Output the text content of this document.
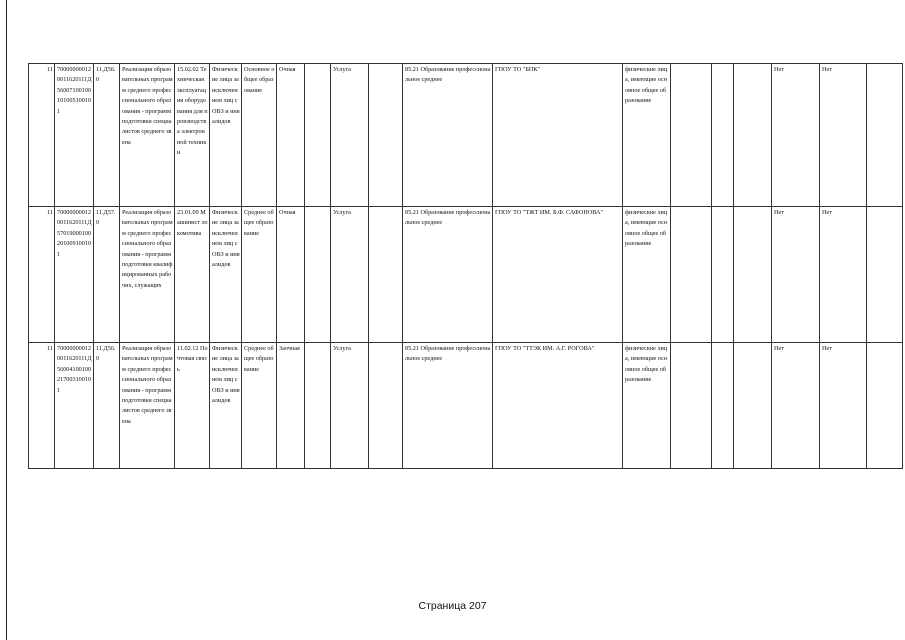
11	700000000120011620111Д56007100100101005100101	11.Д56.0	Реализация образовательных программ среднего профессионального образования - программ подготовки специалистов среднего звена	15.02.02 Техническая эксплуатация оборудования для производства электронной техники	Физические лица за исключением лиц с ОВЗ и инвалидов	Основное общее образование	Очная		Услуга		85.21 Образование профессиональное среднее	ГПОУ ТО "БПК"	физические лица, имеющие основное общее образование				Нет	Нет	
11	700000000120011620111Д57019000100201009100101	11.Д57.0	Реализация образовательных программ среднего профессионального образования - программ подготовки квалифицированных рабочих, служащих	23.01.09 Машинист локомотива	Физические лица за исключением лиц с ОВЗ и инвалидов	Среднее общее образование	Очная		Услуга		85.21 Образование профессиональное среднее	ГПОУ ТО "ТЖТ ИМ. Б.Ф. САФОНОВА"	физические лица, имеющие основное общее образование				Нет	Нет	
11	700000000120011620111Д56004100100217003100101	11.Д56.0	Реализация образовательных программ среднего профессионального образования - программ подготовки специалистов среднего звена	11.02.12 Почтовая связь	Физические лица за исключением лиц с ОВЗ и инвалидов	Среднее общее образование	Заочная		Услуга		85.21 Образование профессиональное среднее	ГПОУ ТО "ТТЭК ИМ. А.Г. РОГОВА"	физические лица, имеющие основное общее образование				Нет	Нет	
Страница 207
